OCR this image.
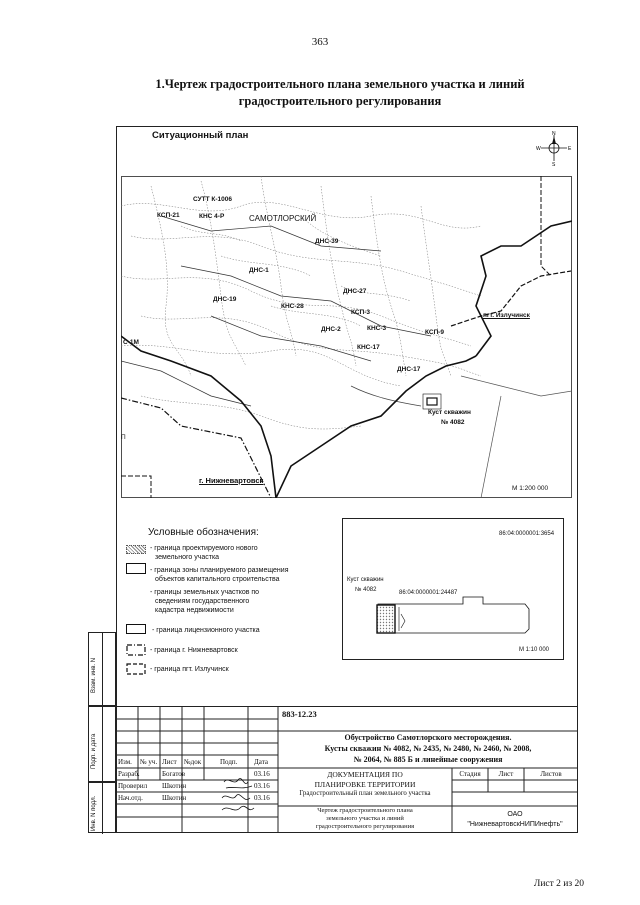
363
1.Чертеж градостроительного плана земельного участка и линий
градостроительного регулирования
Ситуационный план	N
S
W	E
СУТТ К-1006
КНС 4-Р
КСП-21	САМОТЛОРСКИЙ
ДНС-39
ДНС-1
ДНС-19
ДНС-27
КНС-28
КСП-3
КНС-3
КСП-9
ДНС-2
КНС-17
ДНС-17
С-1М
пгт. Излучинск
Куст скважин
№ 4082
г. Нижневартовск
П
М 1:200 000
Условные обозначения:
- граница проектируемого нового
земельного участка
- граница зоны планируемого размещения
объектов капитального строительства
- границы земельных участков по
сведениям государственного
кадастра недвижимости
- граница лицензионного участка
- граница г. Нижневартовск
- граница пгт. Излучинск
86:04:0000001:3654
Куст скважин
№ 4082	86:04:0000001:24487
М 1:10 000
Взам. инв. N
Подп. и дата
Инв. N подл.
883-12.23
Обустройство Самотлорского месторождения.
Кусты скважин № 4082, № 2435, № 2480, № 2460, № 2008,
№ 2064, № 885 Б и линейные сооружения
Изм. № уч. Лист №док	Подп. Дата
Разраб.	Богатов	03.16
Проверил Шкотин	03.16
Нач.отд.	Шкотин	03.16
ДОКУМЕНТАЦИЯ ПО
ПЛАНИРОВКЕ ТЕРРИТОРИИ
Градостроительный план земельного участка
Стадия	Лист	Листов
Чертеж градостроительного плана
земельного участка и линий
градостроительного регулирования
ОАО
"НижневартовскНИПИнефть"
Лист 2 из 20
